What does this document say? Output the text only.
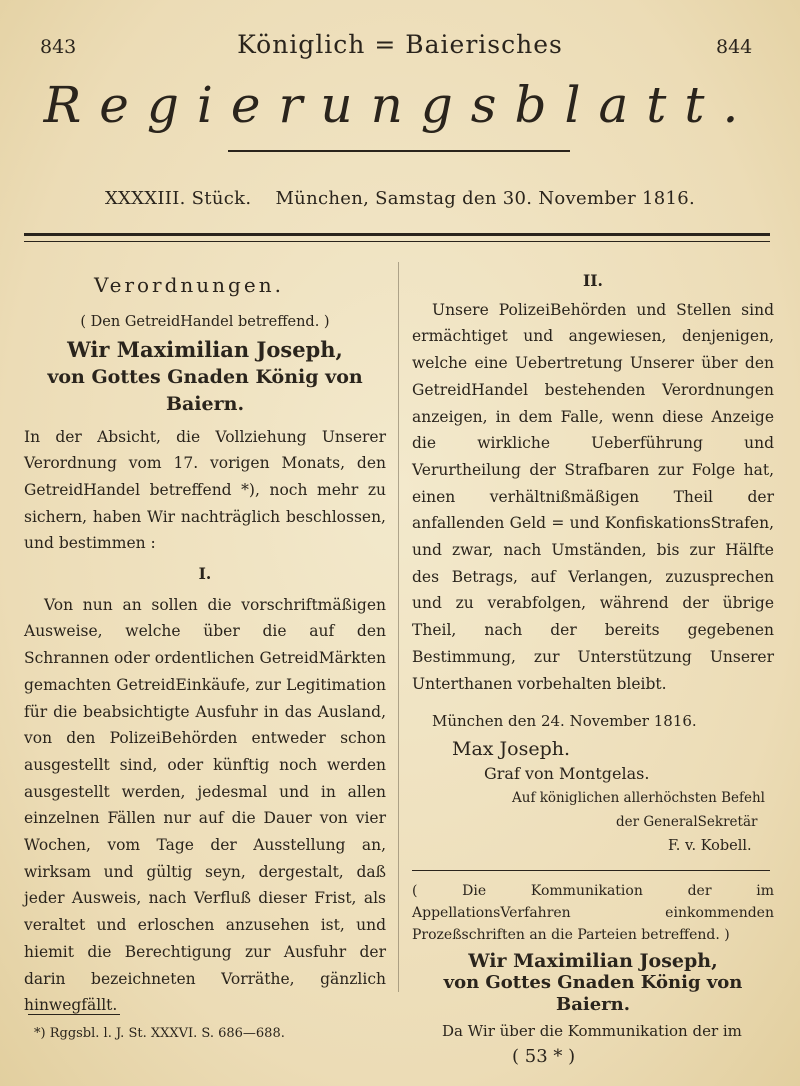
843	Königlich = Baierisches	844
Regierungsblatt.
XXXXIII. Stück. München, Samstag den 30. November 1816.
Verordnungen.
( Den GetreidHandel betreffend. )
Wir Maximilian Joseph,
von Gottes Gnaden König von Baiern.
In der Absicht, die Vollziehung Unserer Verordnung vom 17. vorigen Monats, den GetreidHandel betreffend *), noch mehr zu sichern, haben Wir nachträglich beschlossen, und bestimmen :
I.
Von nun an sollen die vorschriftmäßigen Ausweise, welche über die auf den Schrannen oder ordentlichen GetreidMärkten gemachten GetreidEinkäufe, zur Legitimation für die beabsichtigte Ausfuhr in das Ausland, von den PolizeiBehörden entweder schon ausgestellt sind, oder künftig noch werden ausgestellt werden, jedesmal und in allen einzelnen Fällen nur auf die Dauer von vier Wochen, vom Tage der Ausstellung an, wirksam und gültig seyn, dergestalt, daß jeder Ausweis, nach Verfluß dieser Frist, als veraltet und erloschen anzusehen ist, und hiemit die Berechtigung zur Ausfuhr der darin bezeichneten Vorräthe, gänzlich hinwegfällt.
*) Rggsbl. l. J. St. XXXVI. S. 686—688.
II.
Unsere PolizeiBehörden und Stellen sind ermächtiget und angewiesen, denjenigen, welche eine Uebertretung Unserer über den GetreidHandel bestehenden Verordnungen anzeigen, in dem Falle, wenn diese Anzeige die wirkliche Ueberführung und Verurtheilung der Strafbaren zur Folge hat, einen verhältnißmäßigen Theil der anfallenden Geld = und KonfiskationsStrafen, und zwar, nach Umständen, bis zur Hälfte des Betrags, auf Verlangen, zuzusprechen und zu verabfolgen, während der übrige Theil, nach der bereits gegebenen Bestimmung, zur Unterstützung Unserer Unterthanen vorbehalten bleibt.
München den 24. November 1816.
Max Joseph.
Graf von Montgelas.
Auf königlichen allerhöchsten Befehl
der GeneralSekretär
F. v. Kobell.
( Die Kommunikation der im AppellationsVerfahren einkommenden Prozeßschriften an die Parteien betreffend. )
Wir Maximilian Joseph,
von Gottes Gnaden König von Baiern.
Da Wir über die Kommunikation der im
( 53 * )
